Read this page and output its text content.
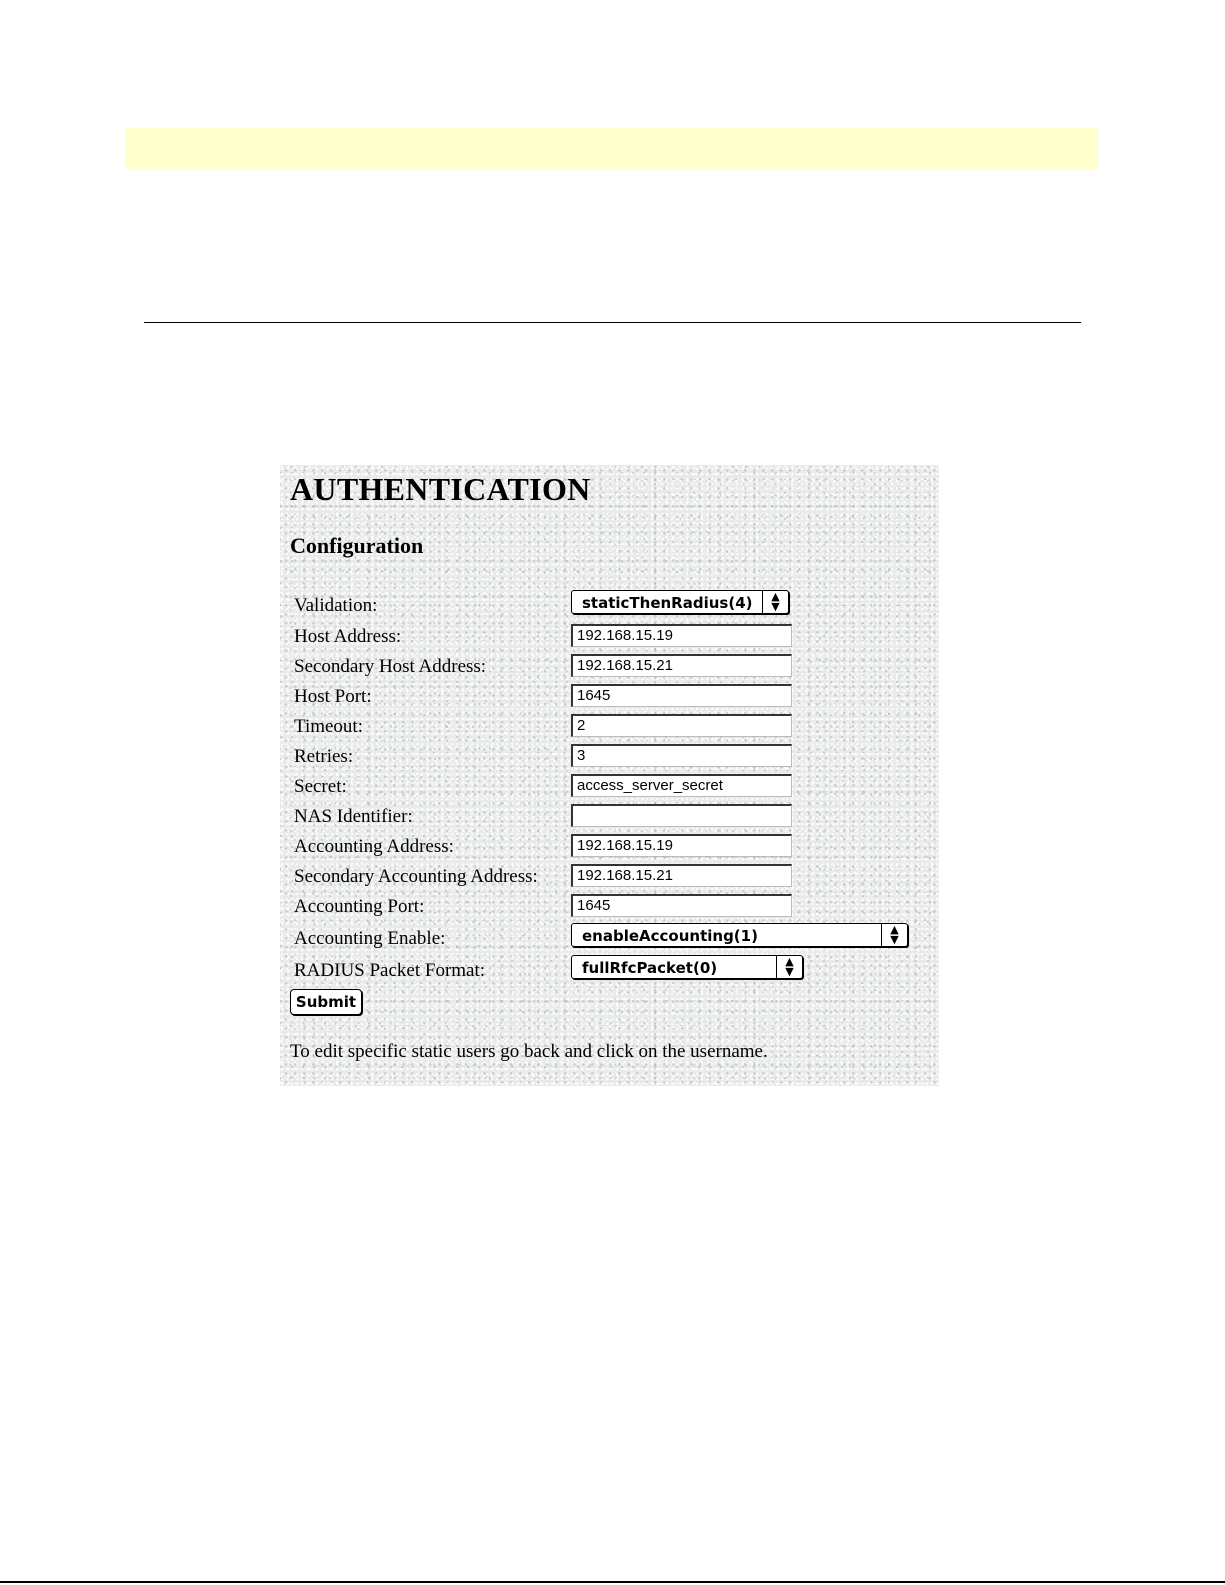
AUTHENTICATION
Configuration
Validation:	staticThenRadius(4)	▲
▼
Host Address:	192.168.15.19
Secondary Host Address:	192.168.15.21
Host Port:	1645
Timeout:	2
Retries:	3
Secret:	access_server_secret
NAS Identifier:
Accounting Address:	192.168.15.19
Secondary Accounting Address:	192.168.15.21
Accounting Port:	1645
Accounting Enable:	enableAccounting(1)	▲
▼
RADIUS Packet Format:	fullRfcPacket(0)	▲
▼
Submit
To edit specific static users go back and click on the username.
